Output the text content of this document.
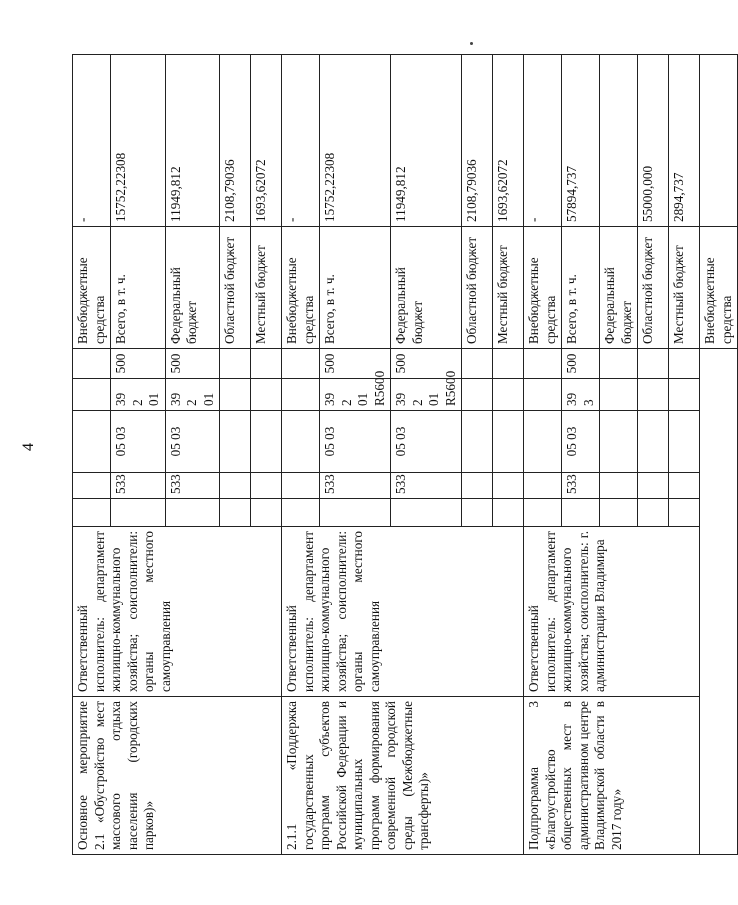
4
Основное мероприятие 2.1 «Обустройство мест массового отдыха населения (городских парков)»	Ответственный исполнитель: департамент жилищно-коммунального хозяйства; соисполнители: органы местного самоуправления						Внебюджетные средства	-
			533	05 03	39 2 01	500	Всего, в т. ч.	15752,22308
			533	05 03	39 2 01	500	Федеральный бюджет	11949,812
							Областной бюджет	2108,79036
							Местный бюджет	1693,62072
2.1.1 «Поддержка государственных программ субъектов Российской Федерации и муниципальных программ формирования современной городской среды (Межбюджетные трансферты)»	Ответственный исполнитель: департамент жилищно-коммунального хозяйства; соисполнители: органы местного самоуправления						Внебюджетные средства	-
			533	05 03	39 2 01 R5600	500	Всего, в т. ч.	15752,22308
			533	05 03	39 2 01 R5600	500	Федеральный бюджет	11949,812
							Областной бюджет	2108,79036
							Местный бюджет	1693,62072
Подпрограмма 3 «Благоустройство общественных мест в административном центре Владимирской области в 2017 году»	Ответственный исполнитель: департамент жилищно-коммунального хозяйства; соисполнитель: г. администрация Владимира						Внебюджетные средства	-
			533	05 03	39 3	500	Всего, в т. ч.	57894,737
							Федеральный бюджет	
							Областной бюджет	55000,000
							Местный бюджет	2894,737
							Внебюджетные средства	
